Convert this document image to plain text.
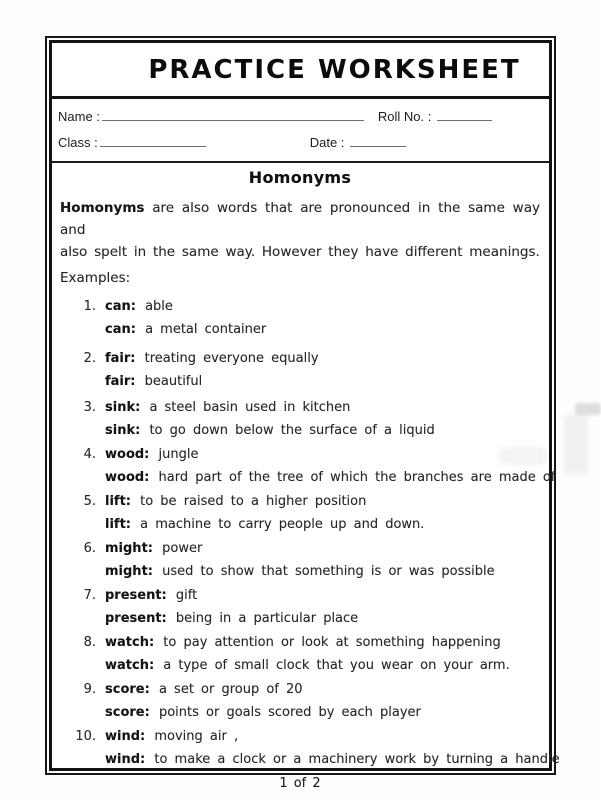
PRACTICE WORKSHEET
Name :	Roll No. :
Class :	Date :
Homonyms

Homonyms are also words that are pronounced in the same way and
also spelt in the same way. However they have different meanings.

Examples:
1. can: able
can: a metal container
2. fair: treating everyone equally
fair: beautiful
3. sink: a steel basin used in kitchen
sink: to go down below the surface of a liquid
4. wood: jungle
wood: hard part of the tree of which the branches are made of
5. lift: to be raised to a higher position
lift: a machine to carry people up and down.
6. might: power
might: used to show that something is or was possible
7. present: gift
present: being in a particular place
8. watch: to pay attention or look at something happening
watch: a type of small clock that you wear on your arm.
9. score: a set or group of 20
score: points or goals scored by each player
10. wind: moving air ,
wind: to make a clock or a machinery work by turning a handle
1 of 2
